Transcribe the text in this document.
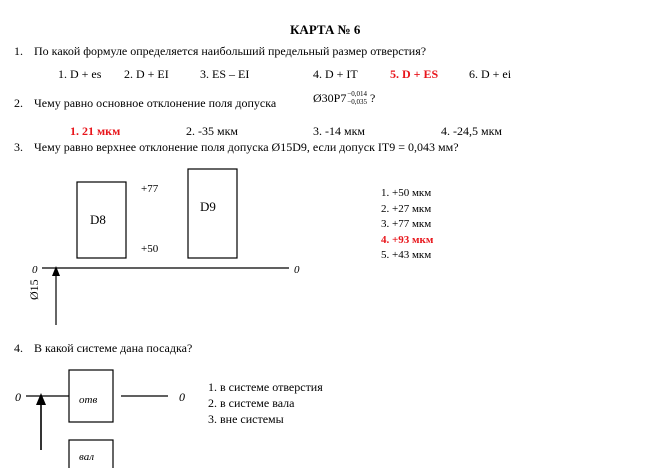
КАРТА № 6
1. По какой формуле определяется наибольший предельный размер отверстия?
1. D + es 2. D + EI	3. ES – EI	4. D + IT	5. D + ES	6. D + ei
2. Чему равно основное отклонение поля допуска	Ø30P7 −0,014
−0,035 ?
1. 21 мкм	2. -35 мкм	3. -14 мкм	4. -24,5 мкм
3. Чему равно верхнее отклонение поля допуска Ø15D9, если допуск IT9 = 0,043 мм?
D8
D9
+77
+50
0	0
Ø15
1. +50 мкм
2. +27 мкм
3. +77 мкм
4. +93 мкм
5. +43 мкм
4. В какой системе дана посадка?
0	0
отв
вал
1. в системе отверстия
2. в системе вала
3. вне системы
